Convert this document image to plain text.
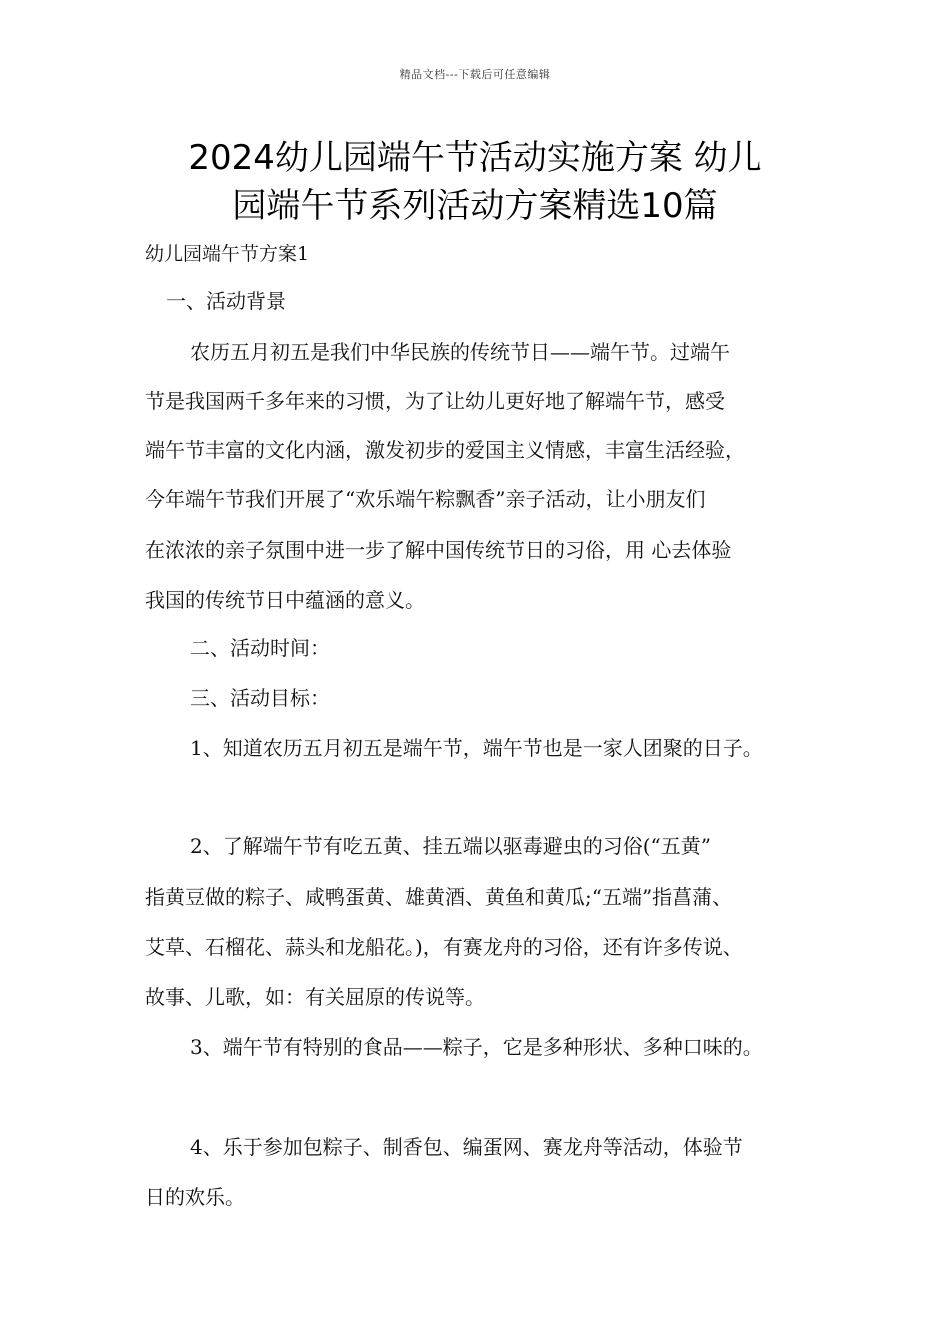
精品文档---下载后可任意编辑
2024幼儿园端午节活动实施方案 幼儿
园端午节系列活动方案精选10篇
幼儿园端午节方案1
一、活动背景
农历五月初五是我们中华民族的传统节日——端午节。过端午
节是我国两千多年来的习惯，为了让幼儿更好地了解端午节，感受
端午节丰富的文化内涵，激发初步的爱国主义情感，丰富生活经验，
今年端午节我们开展了“欢乐端午粽飘香”亲子活动，让小朋友们
在浓浓的亲子氛围中进一步了解中国传统节日的习俗，用 心去体验
我国的传统节日中蕴涵的意义。
二、活动时间：
三、活动目标：
1、知道农历五月初五是端午节，端午节也是一家人团聚的日子。
2、了解端午节有吃五黄、挂五端以驱毒避虫的习俗(“五黄”
指黄豆做的粽子、咸鸭蛋黄、雄黄酒、黄鱼和黄瓜;“五端”指菖蒲、
艾草、石榴花、蒜头和龙船花。)，有赛龙舟的习俗，还有许多传说、
故事、儿歌，如：有关屈原的传说等。
3、端午节有特别的食品——粽子，它是多种形状、多种口味的。
4、乐于参加包粽子、制香包、编蛋网、赛龙舟等活动，体验节
日的欢乐。
